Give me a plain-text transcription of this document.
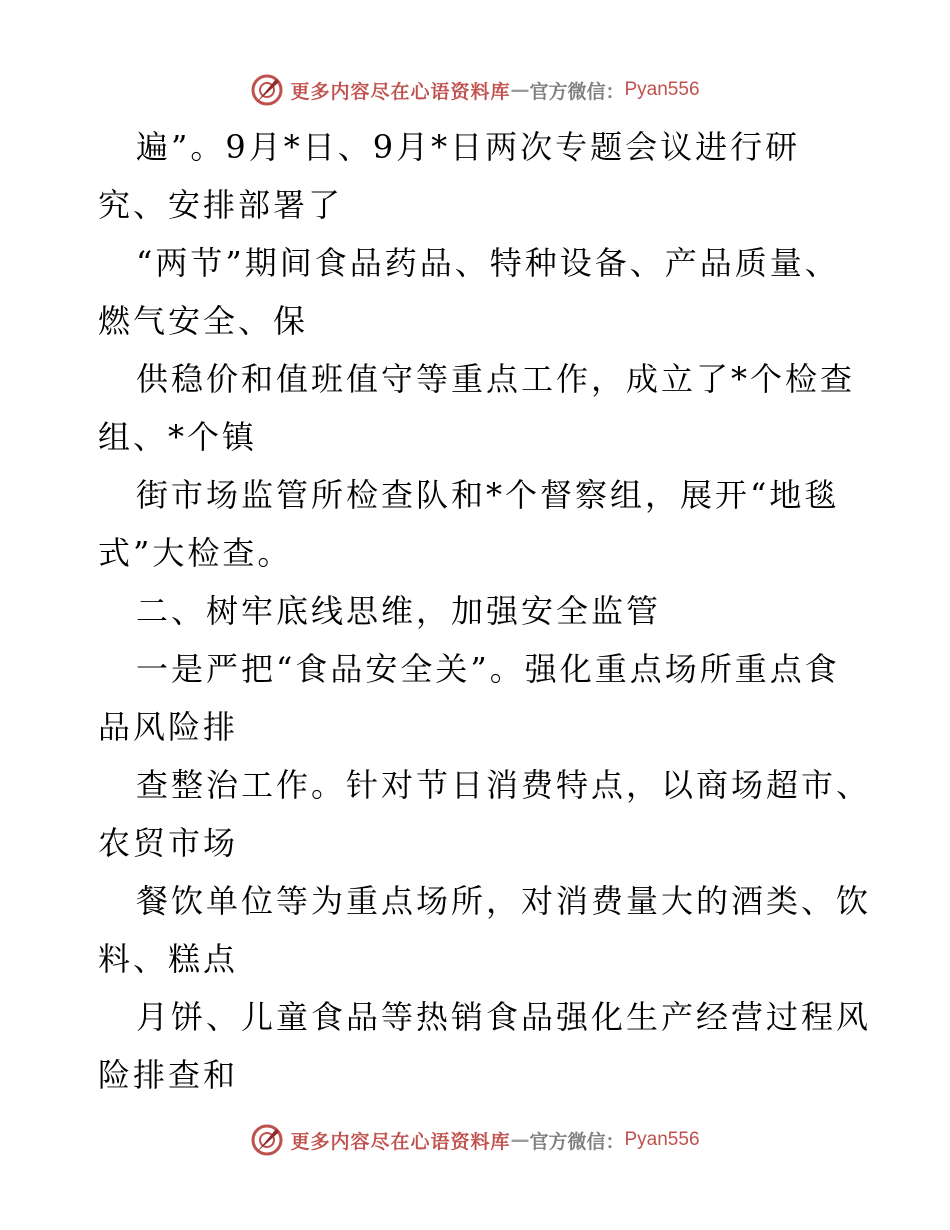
更多内容尽在心语资料库 — 官方微信： Pyan556
遍”。9月*日、9月*日两次专题会议进行研
究、安排部署了
“两节”期间食品药品、特种设备、产品质量、
燃气安全、保
供稳价和值班值守等重点工作，成立了*个检查
组、*个镇
街市场监管所检查队和*个督察组，展开“地毯
式”大检查。
二、树牢底线思维，加强安全监管
一是严把“食品安全关”。强化重点场所重点食
品风险排
查整治工作。针对节日消费特点，以商场超市、
农贸市场
餐饮单位等为重点场所，对消费量大的酒类、饮
料、糕点
月饼、儿童食品等热销食品强化生产经营过程风
险排查和
更多内容尽在心语资料库 — 官方微信： Pyan556
